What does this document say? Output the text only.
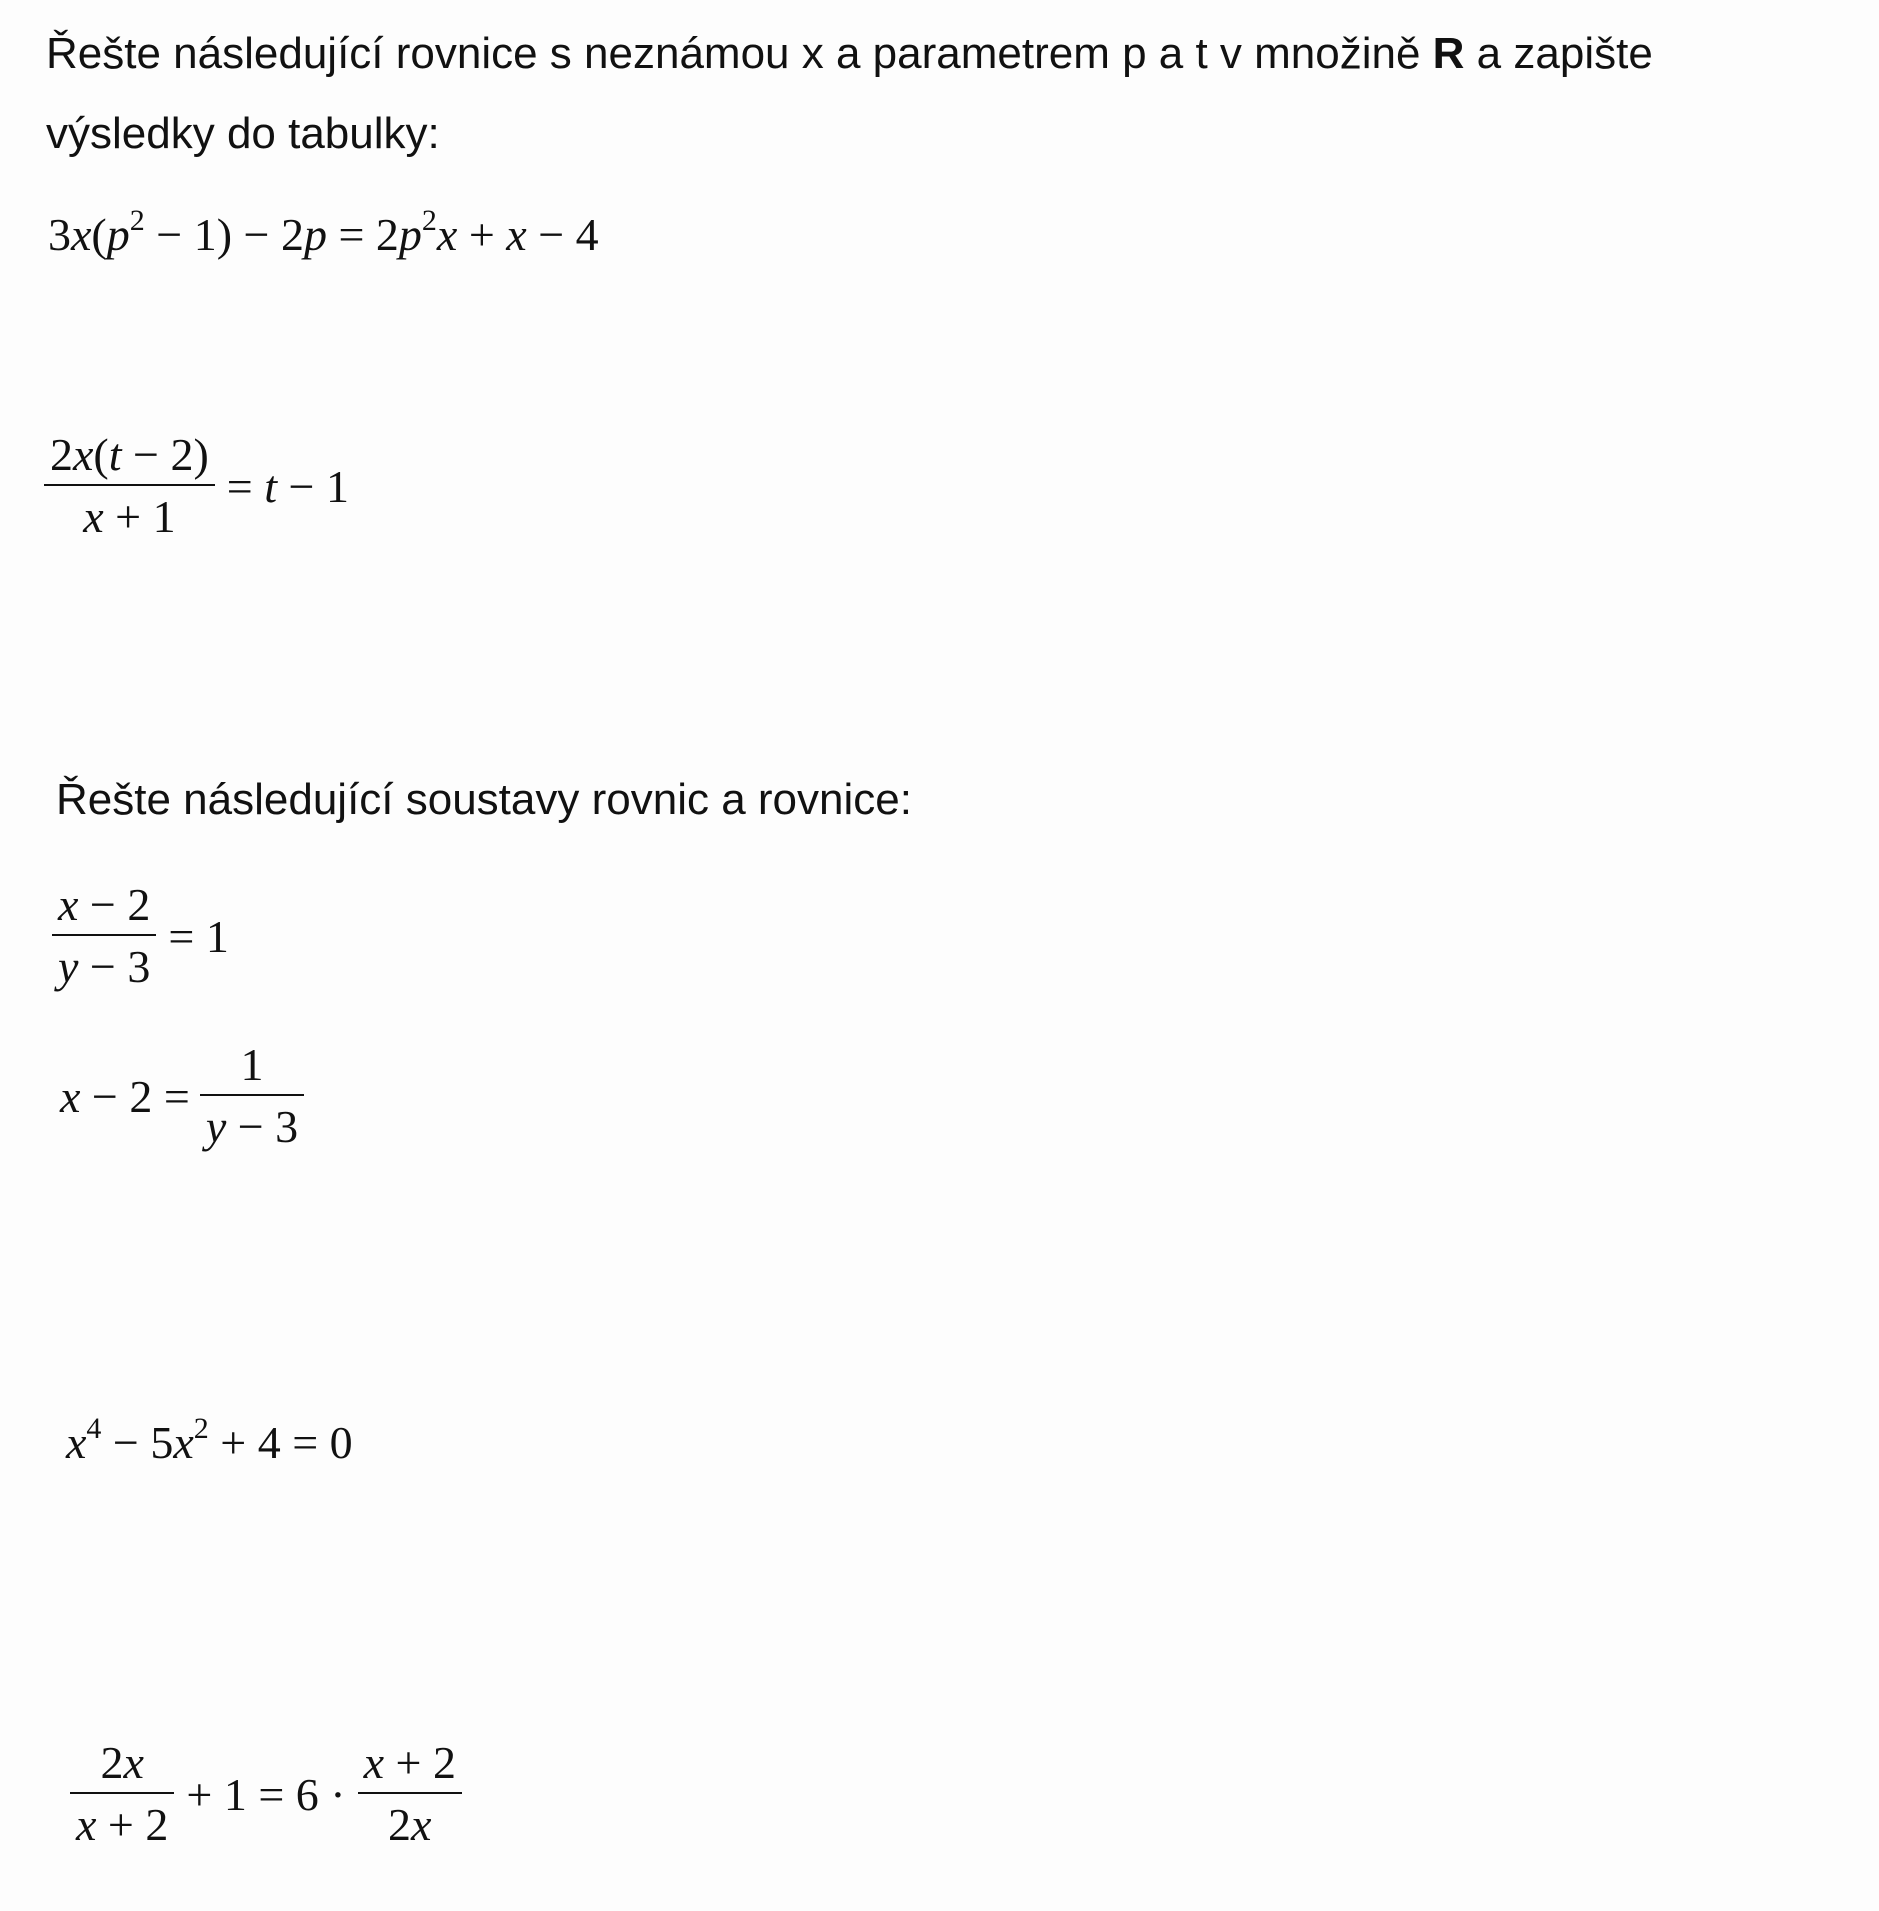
Řešte následující rovnice s neznámou x a parametrem p a t v množině R a zapište výsledky do tabulky:
$3x(p^2 - 1) - 2p = 2p^2x + x - 4$
$\frac{2x(t - 2)}{x + 1} = t - 1$
Řešte následující soustavy rovnic a rovnice:
$\frac{x - 2}{y - 3} = 1$
$x - 2 = \frac{1}{y - 3}$
$x^4 - 5x^2 + 4 = 0$
$\frac{2x}{x + 2} + 1 = 6 \cdot \frac{x + 2}{2x}$
